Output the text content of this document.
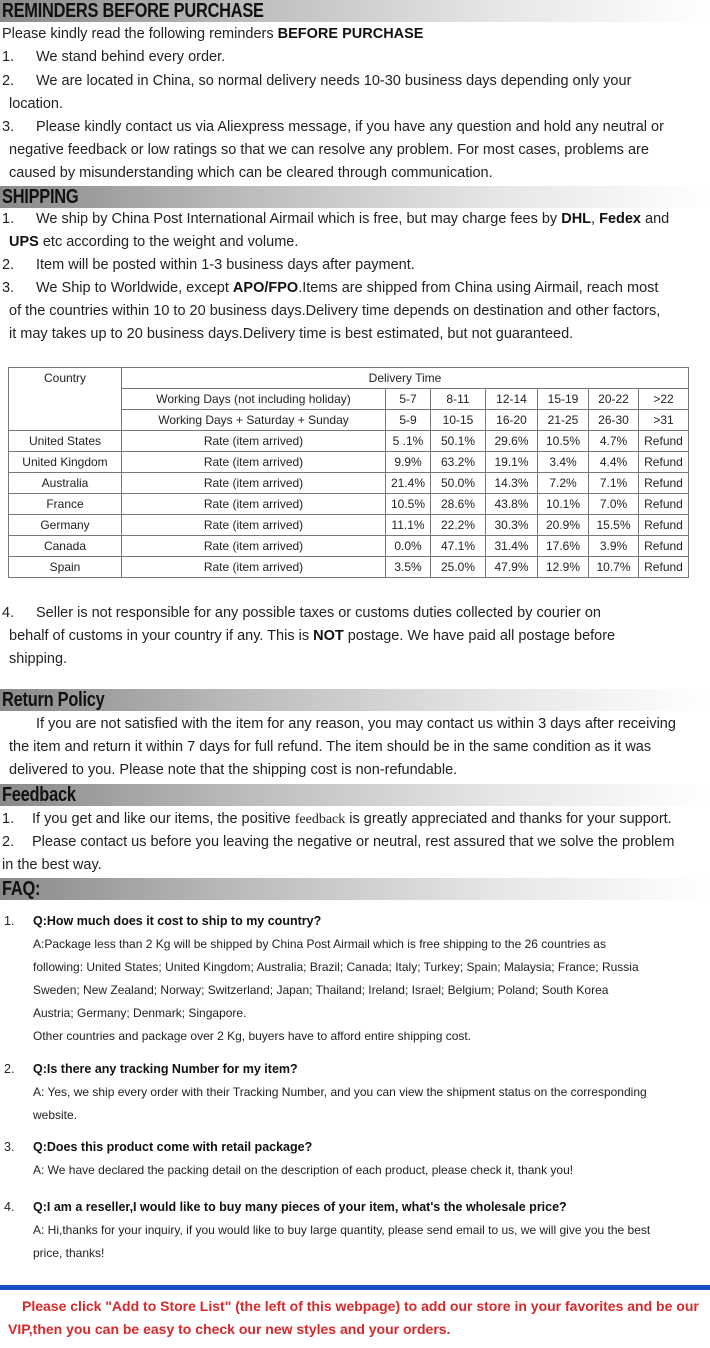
REMINDERS BEFORE PURCHASE
Please kindly read the following reminders BEFORE PURCHASE
1. We stand behind every order.
2. We are located in China, so normal delivery needs 10-30 business days depending only your
location.
3. Please kindly contact us via Aliexpress message, if you have any question and hold any neutral or
negative feedback or low ratings so that we can resolve any problem. For most cases, problems are
caused by misunderstanding which can be cleared through communication.
SHIPPING
1. We ship by China Post International Airmail which is free, but may charge fees by DHL, Fedex and
UPS etc according to the weight and volume.
2. Item will be posted within 1-3 business days after payment.
3. We Ship to Worldwide, except APO/FPO.Items are shipped from China using Airmail, reach most
of the countries within 10 to 20 business days.Delivery time depends on destination and other factors,
it may takes up to 20 business days.Delivery time is best estimated, but not guaranteed.
Country	Delivery Time						
	Working Days (not including holiday)	5-7	8-11	12-14	15-19	20-22	>22
	Working Days + Saturday + Sunday	5-9	10-15	16-20	21-25	26-30	>31
United States	Rate (item arrived)	5 .1%	50.1%	29.6%	10.5%	4.7%	Refund
United Kingdom	Rate (item arrived)	9.9%	63.2%	19.1%	3.4%	4.4%	Refund
Australia	Rate (item arrived)	21.4%	50.0%	14.3%	7.2%	7.1%	Refund
France	Rate (item arrived)	10.5%	28.6%	43.8%	10.1%	7.0%	Refund
Germany	Rate (item arrived)	11.1%	22.2%	30.3%	20.9%	15.5%	Refund
Canada	Rate (item arrived)	0.0%	47.1%	31.4%	17.6%	3.9%	Refund
Spain	Rate (item arrived)	3.5%	25.0%	47.9%	12.9%	10.7%	Refund
4. Seller is not responsible for any possible taxes or customs duties collected by courier on
behalf of customs in your country if any. This is NOT postage. We have paid all postage before
shipping.
Return Policy
If you are not satisfied with the item for any reason, you may contact us within 3 days after receiving
the item and return it within 7 days for full refund. The item should be in the same condition as it was
delivered to you. Please note that the shipping cost is non-refundable.
Feedback
1. If you get and like our items, the positive feedback is greatly appreciated and thanks for your support.
2. Please contact us before you leaving the negative or neutral, rest assured that we solve the problem
in the best way.
FAQ:
1. Q:How much does it cost to ship to my country?
A:Package less than 2 Kg will be shipped by China Post Airmail which is free shipping to the 26 countries as
following: United States; United Kingdom; Australia; Brazil; Canada; Italy; Turkey; Spain; Malaysia; France; Russia
Sweden; New Zealand; Norway; Switzerland; Japan; Thailand; Ireland; Israel; Belgium; Poland; South Korea
Austria; Germany; Denmark; Singapore.
Other countries and package over 2 Kg, buyers have to afford entire shipping cost.
2. Q:Is there any tracking Number for my item?
A: Yes, we ship every order with their Tracking Number, and you can view the shipment status on the corresponding
website.
3. Q:Does this product come with retail package?
A: We have declared the packing detail on the description of each product, please check it, thank you!
4. Q:I am a reseller,I would like to buy many pieces of your item, what's the wholesale price?
A: Hi,thanks for your inquiry, if you would like to buy large quantity, please send email to us, we will give you the best
price, thanks!
Please click "Add to Store List" (the left of this webpage) to add our store in your favorites and be our
VIP,then you can be easy to check our new styles and your orders.
